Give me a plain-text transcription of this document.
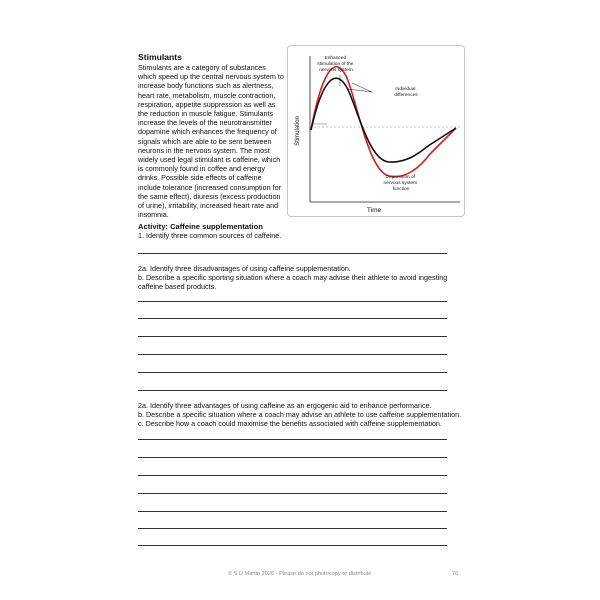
Stimulants

Stimulants are a category of substances which speed up the central nervous system to increase body functions such as alertness, heart rate, metabolism, muscle contraction, respiration, appetite suppression as well as the reduction in muscle fatigue. Stimulants increase the levels of the neurotransmitter dopamine which enhances the frequency of signals which are able to be sent between neurons in the nervous system. The most widely used legal stimulant is caffeine, which is commonly found in coffee and energy drinks. Possible side effects of caffeine include tolerance (increased consumption for the same effect), diuresis (excess production of urine), irritability, increased heart rate and insomnia.

Baseline
Enhanced stimulation of the nervous system
Individual differences
Depression of nervous system function
Stimulation
Time
Activity: Caffeine supplementation
1. Identify three common sources of caffeine.
2a. Identify three disadvantages of using caffeine supplementation.
b. Describe a specific sporting situation where a coach may advise their athlete to avoid ingesting caffeine based products.
2a. Identify three advantages of using caffeine as an ergogenic aid to enhance performance.
b. Describe a specific situation where a coach may advise an athlete to use caffeine supplementation.
c. Describe how a coach could maximise the benefits associated with caffeine supplementation.
© S D Martin 2026 - Please do not photocopy or distribute	76
